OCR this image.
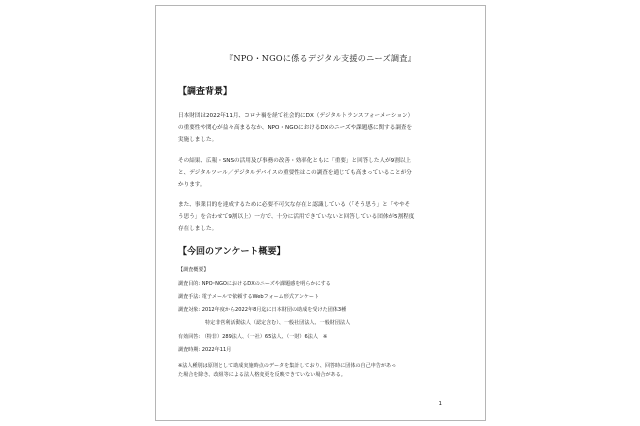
『NPO・NGOに係るデジタル支援のニーズ調査』
【調査背景】
日本財団は2022年11月、コロナ禍を経て社会的にDX（デジタルトランスフォーメーション）
の重要性や関心が益々高まるなか、NPO・NGOにおけるDXのニーズや課題感に関する調査を
実施しました。
その結果、広報・SNSの活用及び事務の改善・効率化ともに「重要」と回答した人が9割以上
と、デジタルツール／デジタルデバイスの重要性はこの調査を通じても高まっていることが分
かります。
また、事業目的を達成するために必要不可欠な存在と認識している（「そう思う」と「ややそ
う思う」を合わせて9割以上）一方で、十分に活用できていないと回答している団体が5割程度
存在しました。
【今回のアンケート概要】
【調査概要】
調査目的: NPO･NGOにおけるDXのニーズや課題感を明らかにする
調査手法: 電子メールで依頼するWebフォーム形式アンケート
調査対象: 2012年度から2022年8月迄に日本財団の助成を受けた団体3種
特定非営利活動法人（認定含む）、一般社団法人、一般財団法人
有効回答: （特非）289法人、（一社）65法人、（一財）6法人　※
調査時期: 2022年11月
※法人種別は原則として助成実施時点のデータを集計しており、回答時に団体の自己申告があっ
た場合を除き、改組等による法人格変更を反映できていない場合がある。
1
